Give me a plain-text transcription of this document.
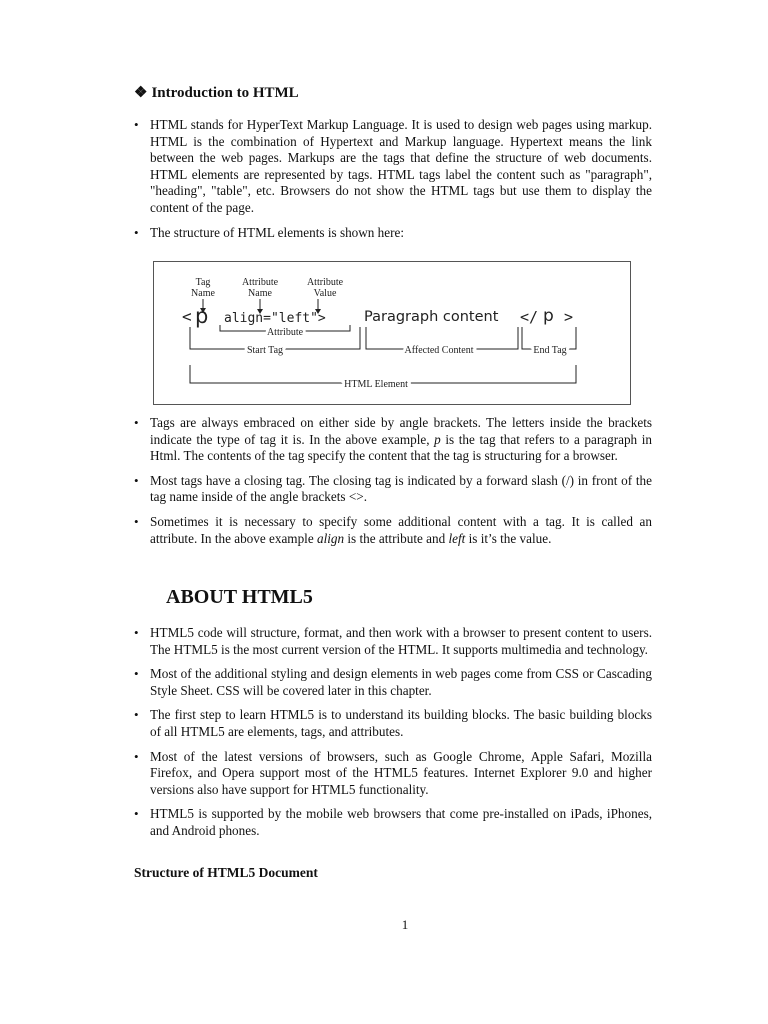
❖ Introduction to HTML
• HTML stands for HyperText Markup Language. It is used to design web pages using markup. HTML is the combination of Hypertext and Markup language. Hypertext means the link between the web pages. Markups are the tags that define the structure of web documents. HTML elements are represented by tags. HTML tags label the content such as "paragraph", "heading", "table", etc. Browsers do not show the HTML tags but use them to display the content of the page.
• The structure of HTML elements is shown here:
Tag
Name
Attribute
Name
Attribute
Value
< p align="left">	Paragraph content </ p >
Attribute
Start Tag	Affected Content	End Tag
HTML Element
• Tags are always embraced on either side by angle brackets. The letters inside the brackets indicate the type of tag it is. In the above example, p is the tag that refers to a paragraph in Html. The contents of the tag specify the content that the tag is structuring for a browser.
• Most tags have a closing tag. The closing tag is indicated by a forward slash (/) in front of the tag name inside of the angle brackets <>.
• Sometimes it is necessary to specify some additional content with a tag. It is called an attribute. In the above example align is the attribute and left is it’s the value.
ABOUT HTML5
• HTML5 code will structure, format, and then work with a browser to present content to users. The HTML5 is the most current version of the HTML. It supports multimedia and technology.
• Most of the additional styling and design elements in web pages come from CSS or Cascading Style Sheet. CSS will be covered later in this chapter.
• The first step to learn HTML5 is to understand its building blocks. The basic building blocks of all HTML5 are elements, tags, and attributes.
• Most of the latest versions of browsers, such as Google Chrome, Apple Safari, Mozilla Firefox, and Opera support most of the HTML5 features. Internet Explorer 9.0 and higher versions also have support for HTML5 functionality.
• HTML5 is supported by the mobile web browsers that come pre-installed on iPads, iPhones, and Android phones.
Structure of HTML5 Document
1
